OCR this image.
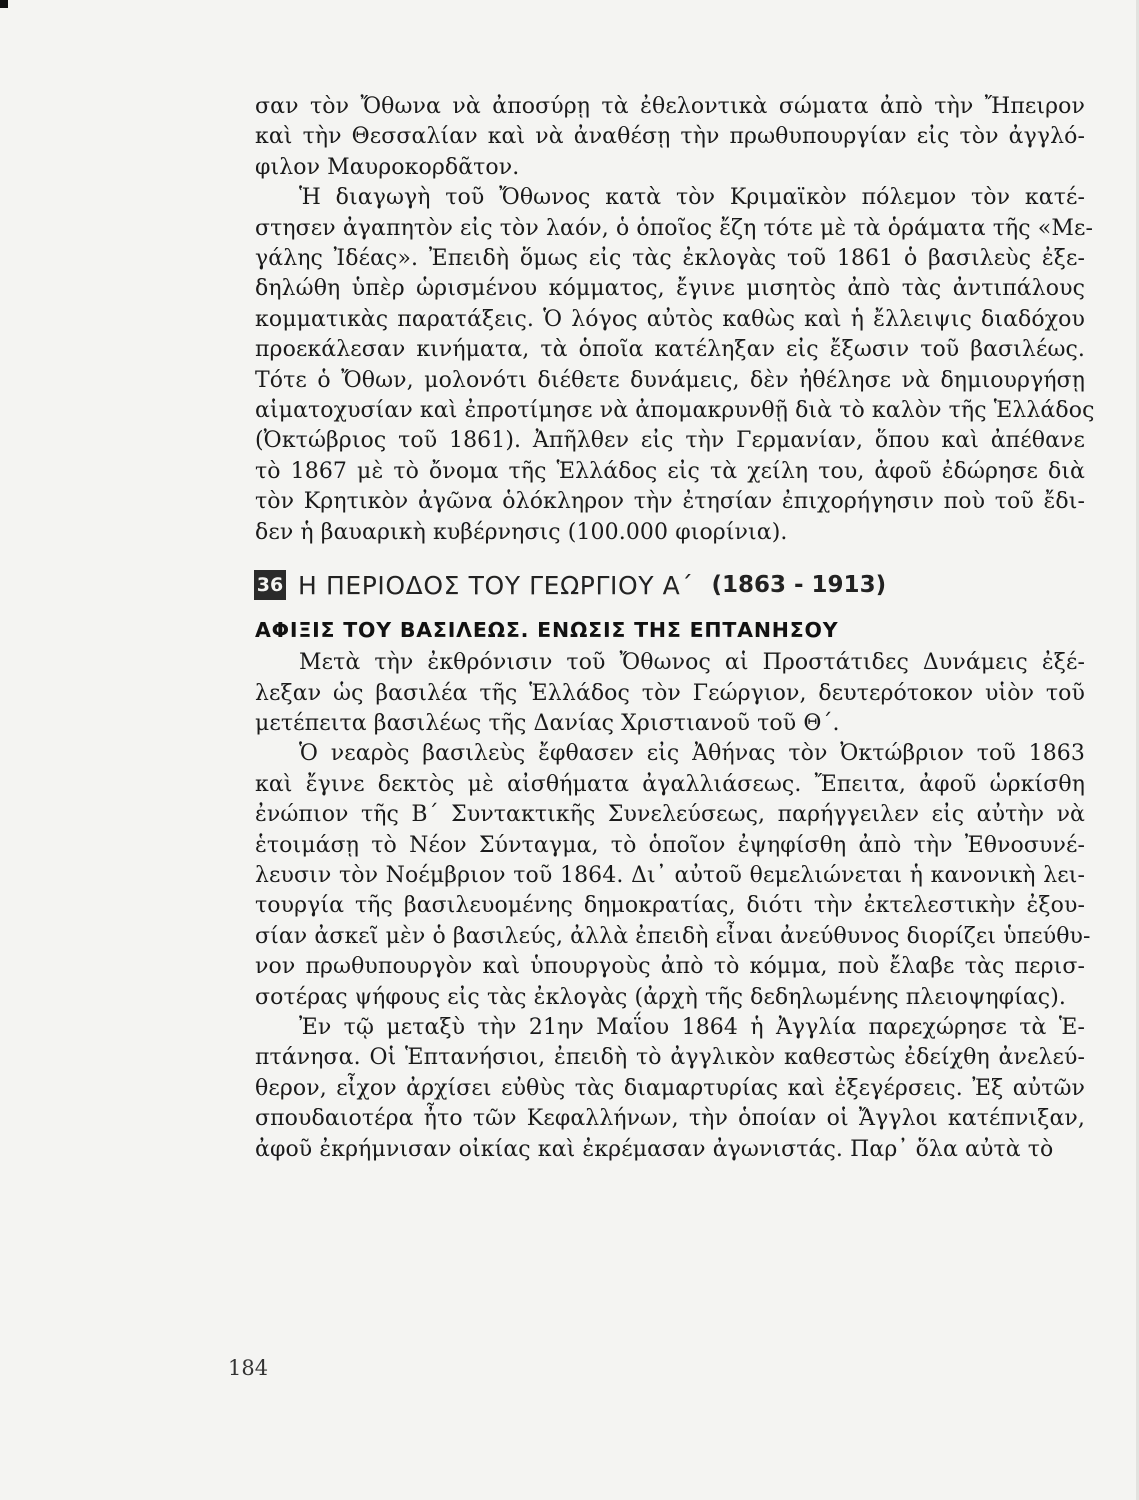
σαν τὸν Ὄθωνα νὰ ἀποσύρῃ τὰ ἐθελοντικὰ σώματα ἀπὸ τὴν Ἤπειρον
καὶ τὴν Θεσσαλίαν καὶ νὰ ἀναθέσῃ τὴν πρωθυπουργίαν εἰς τὸν ἀγγλό-
φιλον Μαυροκορδᾶτον.
Ἡ διαγωγὴ τοῦ Ὄθωνος κατὰ τὸν Κριμαϊκὸν πόλεμον τὸν κατέ-
στησεν ἀγαπητὸν εἰς τὸν λαόν, ὁ ὁποῖος ἔζη τότε μὲ τὰ ὁράματα τῆς «Με-
γάλης Ἰδέας». Ἐπειδὴ ὅμως εἰς τὰς ἐκλογὰς τοῦ 1861 ὁ βασιλεὺς ἐξε-
δηλώθη ὑπὲρ ὡρισμένου κόμματος, ἔγινε μισητὸς ἀπὸ τὰς ἀντιπάλους
κομματικὰς παρατάξεις. Ὁ λόγος αὐτὸς καθὼς καὶ ἡ ἔλλειψις διαδόχου
προεκάλεσαν κινήματα, τὰ ὁποῖα κατέληξαν εἰς ἔξωσιν τοῦ βασιλέως.
Τότε ὁ Ὄθων, μολονότι διέθετε δυνάμεις, δὲν ἠθέλησε νὰ δημιουργήσῃ
αἱματοχυσίαν καὶ ἐπροτίμησε νὰ ἀπομακρυνθῇ διὰ τὸ καλὸν τῆς Ἑλλάδος
(Ὀκτώβριος τοῦ 1861). Ἀπῆλθεν εἰς τὴν Γερμανίαν, ὅπου καὶ ἀπέθανε
τὸ 1867 μὲ τὸ ὄνομα τῆς Ἑλλάδος εἰς τὰ χείλη του, ἀφοῦ ἐδώρησε διὰ
τὸν Κρητικὸν ἀγῶνα ὁλόκληρον τὴν ἐτησίαν ἐπιχορήγησιν ποὺ τοῦ ἔδι-
δεν ἡ βαυαρικὴ κυβέρνησις (100.000 φιορίνια).
36 Η ΠΕΡΙΟΔΟΣ ΤΟΥ ΓΕΩΡΓΙΟΥ Α΄ (1863 - 1913)
ΑΦΙΞΙΣ ΤΟΥ ΒΑΣΙΛΕΩΣ. ΕΝΩΣΙΣ ΤΗΣ ΕΠΤΑΝΗΣΟΥ
Μετὰ τὴν ἐκθρόνισιν τοῦ Ὄθωνος αἱ Προστάτιδες Δυνάμεις ἐξέ-
λεξαν ὡς βασιλέα τῆς Ἑλλάδος τὸν Γεώργιον, δευτερότοκον υἱὸν τοῦ
μετέπειτα βασιλέως τῆς Δανίας Χριστιανοῦ τοῦ Θ΄.
Ὁ νεαρὸς βασιλεὺς ἔφθασεν εἰς Ἀθήνας τὸν Ὀκτώβριον τοῦ 1863
καὶ ἔγινε δεκτὸς μὲ αἰσθήματα ἀγαλλιάσεως. Ἔπειτα, ἀφοῦ ὡρκίσθη
ἐνώπιον τῆς Β΄ Συντακτικῆς Συνελεύσεως, παρήγγειλεν εἰς αὐτὴν νὰ
ἑτοιμάσῃ τὸ Νέον Σύνταγμα, τὸ ὁποῖον ἐψηφίσθη ἀπὸ τὴν Ἐθνοσυνέ-
λευσιν τὸν Νοέμβριον τοῦ 1864. Δι᾽ αὐτοῦ θεμελιώνεται ἡ κανονικὴ λει-
τουργία τῆς βασιλευομένης δημοκρατίας, διότι τὴν ἐκτελεστικὴν ἐξου-
σίαν ἀσκεῖ μὲν ὁ βασιλεύς, ἀλλὰ ἐπειδὴ εἶναι ἀνεύθυνος διορίζει ὑπεύθυ-
νον πρωθυπουργὸν καὶ ὑπουργοὺς ἀπὸ τὸ κόμμα, ποὺ ἔλαβε τὰς περισ-
σοτέρας ψήφους εἰς τὰς ἐκλογὰς (ἀρχὴ τῆς δεδηλωμένης πλειοψηφίας).
Ἐν τῷ μεταξὺ τὴν 21ην Μαΐου 1864 ἡ Ἀγγλία παρεχώρησε τὰ Ἑ-
πτάνησα. Οἱ Ἑπτανήσιοι, ἐπειδὴ τὸ ἀγγλικὸν καθεστὼς ἐδείχθη ἀνελεύ-
θερον, εἶχον ἀρχίσει εὐθὺς τὰς διαμαρτυρίας καὶ ἐξεγέρσεις. Ἐξ αὐτῶν
σπουδαιοτέρα ἦτο τῶν Κεφαλλήνων, τὴν ὁποίαν οἱ Ἄγγλοι κατέπνιξαν,
ἀφοῦ ἐκρήμνισαν οἰκίας καὶ ἐκρέμασαν ἀγωνιστάς. Παρ᾽ ὅλα αὐτὰ τὸ
184
